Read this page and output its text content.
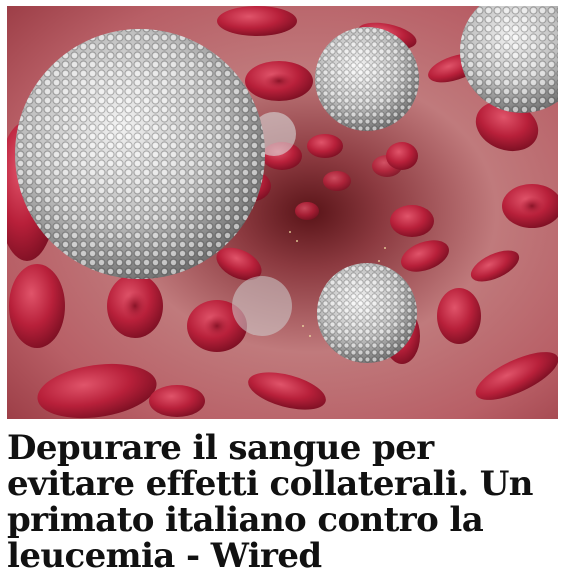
Depurare il sangue per evitare effetti collaterali. Un primato italiano contro la leucemia - Wired
